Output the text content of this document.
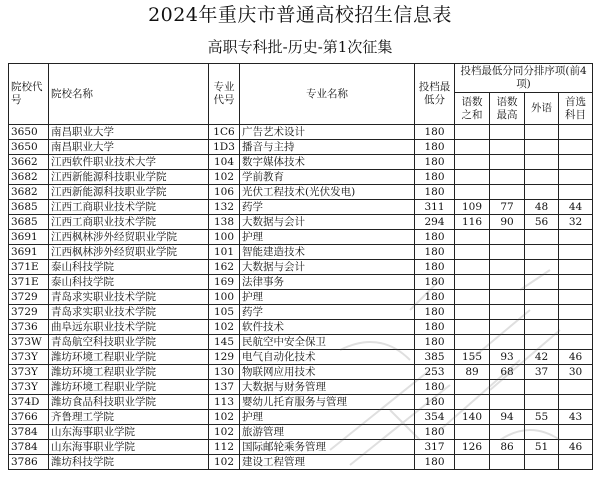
2024年重庆市普通高校招生信息表
高职专科批-历史-第1次征集
院校代号	院校名称	专业代号	专业名称	投档最低分	投档最低分同分排序项(前4项)			
					语数之和	语数最高	外语	首选科目
3650	南昌职业大学	1C6	广告艺术设计	180				
3650	南昌职业大学	1D3	播音与主持	180				
3662	江西软件职业技术大学	104	数字媒体技术	180				
3682	江西新能源科技职业学院	102	学前教育	180				
3682	江西新能源科技职业学院	106	光伏工程技术(光伏发电)	180				
3685	江西工商职业技术学院	132	药学	311	109	77	48	44
3685	江西工商职业技术学院	138	大数据与会计	294	116	90	56	32
3691	江西枫林涉外经贸职业学院	100	护理	180				
3691	江西枫林涉外经贸职业学院	101	智能建造技术	180				
371E	泰山科技学院	162	大数据与会计	180				
371E	泰山科技学院	169	法律事务	180				
3729	青岛求实职业技术学院	100	护理	180				
3729	青岛求实职业技术学院	105	药学	180				
3736	曲阜远东职业技术学院	102	软件技术	180				
373W	青岛航空科技职业学院	145	民航空中安全保卫	180				
373Y	潍坊环境工程职业学院	129	电气自动化技术	385	155	93	42	46
373Y	潍坊环境工程职业学院	130	物联网应用技术	253	89	68	37	30
373Y	潍坊环境工程职业学院	137	大数据与财务管理	180				
374D	潍坊食品科技职业学院	113	婴幼儿托育服务与管理	180				
3766	齐鲁理工学院	102	护理	354	140	94	55	43
3784	山东海事职业学院	102	旅游管理	180				
3784	山东海事职业学院	112	国际邮轮乘务管理	317	126	86	51	46
3786	潍坊科技学院	102	建设工程管理	180				
